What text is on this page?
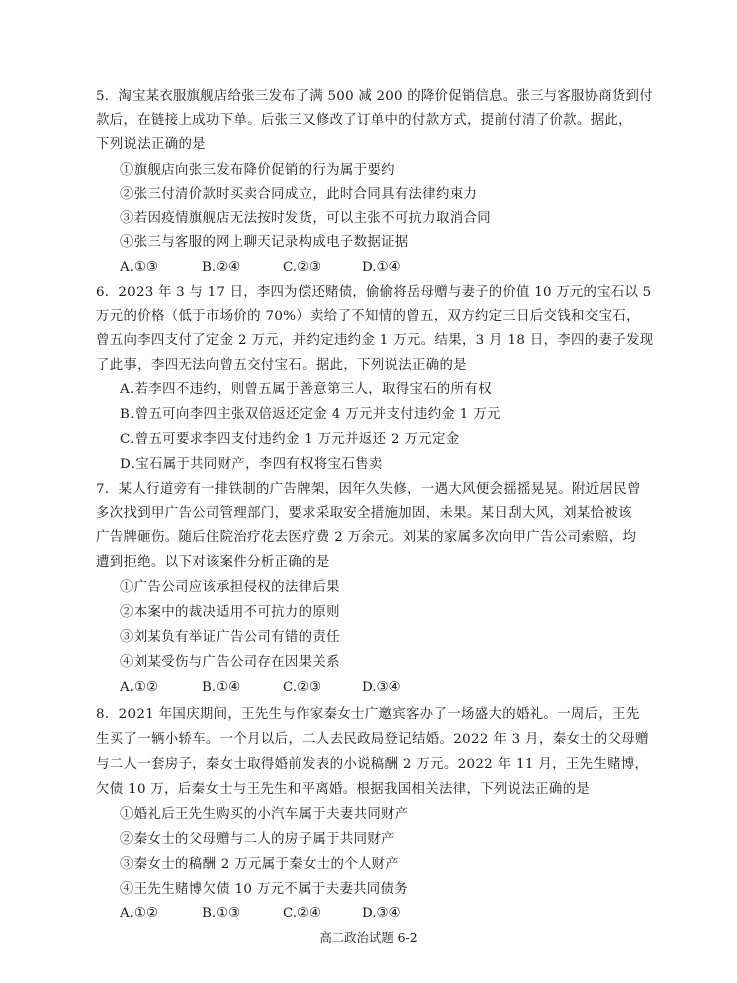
5．淘宝某衣服旗舰店给张三发布了满 500 减 200 的降价促销信息。张三与客服协商货到付
款后，在链接上成功下单。后张三又修改了订单中的付款方式，提前付清了价款。据此，
下列说法正确的是
①旗舰店向张三发布降价促销的行为属于要约
②张三付清价款时买卖合同成立，此时合同具有法律约束力
③若因疫情旗舰店无法按时发货，可以主张不可抗力取消合同
④张三与客服的网上聊天记录构成电子数据证据
A.①③	B.②④	C.②③	D.①④
6．2023 年 3 与 17 日，李四为偿还赌债，偷偷将岳母赠与妻子的价值 10 万元的宝石以 5
万元的价格（低于市场价的 70%）卖给了不知情的曾五，双方约定三日后交钱和交宝石，
曾五向李四支付了定金 2 万元，并约定违约金 1 万元。结果，3 月 18 日，李四的妻子发现
了此事，李四无法向曾五交付宝石。据此，下列说法正确的是
A.若李四不违约，则曾五属于善意第三人，取得宝石的所有权
B.曾五可向李四主张双倍返还定金 4 万元并支付违约金 1 万元
C.曾五可要求李四支付违约金 1 万元并返还 2 万元定金
D.宝石属于共同财产，李四有权将宝石售卖
7．某人行道旁有一排铁制的广告牌架，因年久失修，一遇大风便会摇摇晃晃。附近居民曾
多次找到甲广告公司管理部门，要求采取安全措施加固，未果。某日刮大风，刘某恰被该
广告牌砸伤。随后住院治疗花去医疗费 2 万余元。刘某的家属多次向甲广告公司索赔，均
遭到拒绝。以下对该案件分析正确的是
①广告公司应该承担侵权的法律后果
②本案中的裁决适用不可抗力的原则
③刘某负有举证广告公司有错的责任
④刘某受伤与广告公司存在因果关系
A.①②	B.①④	C.②③	D.③④
8．2021 年国庆期间，王先生与作家秦女士广邀宾客办了一场盛大的婚礼。一周后，王先
生买了一辆小轿车。一个月以后，二人去民政局登记结婚。2022 年 3 月，秦女士的父母赠
与二人一套房子，秦女士取得婚前发表的小说稿酬 2 万元。2022 年 11 月，王先生赌博，
欠债 10 万，后秦女士与王先生和平离婚。根据我国相关法律，下列说法正确的是
①婚礼后王先生购买的小汽车属于夫妻共同财产
②秦女士的父母赠与二人的房子属于共同财产
③秦女士的稿酬 2 万元属于秦女士的个人财产
④王先生赌博欠债 10 万元不属于夫妻共同债务
A.①②	B.①③	C.②④	D.③④
高二政治试题 6-2
